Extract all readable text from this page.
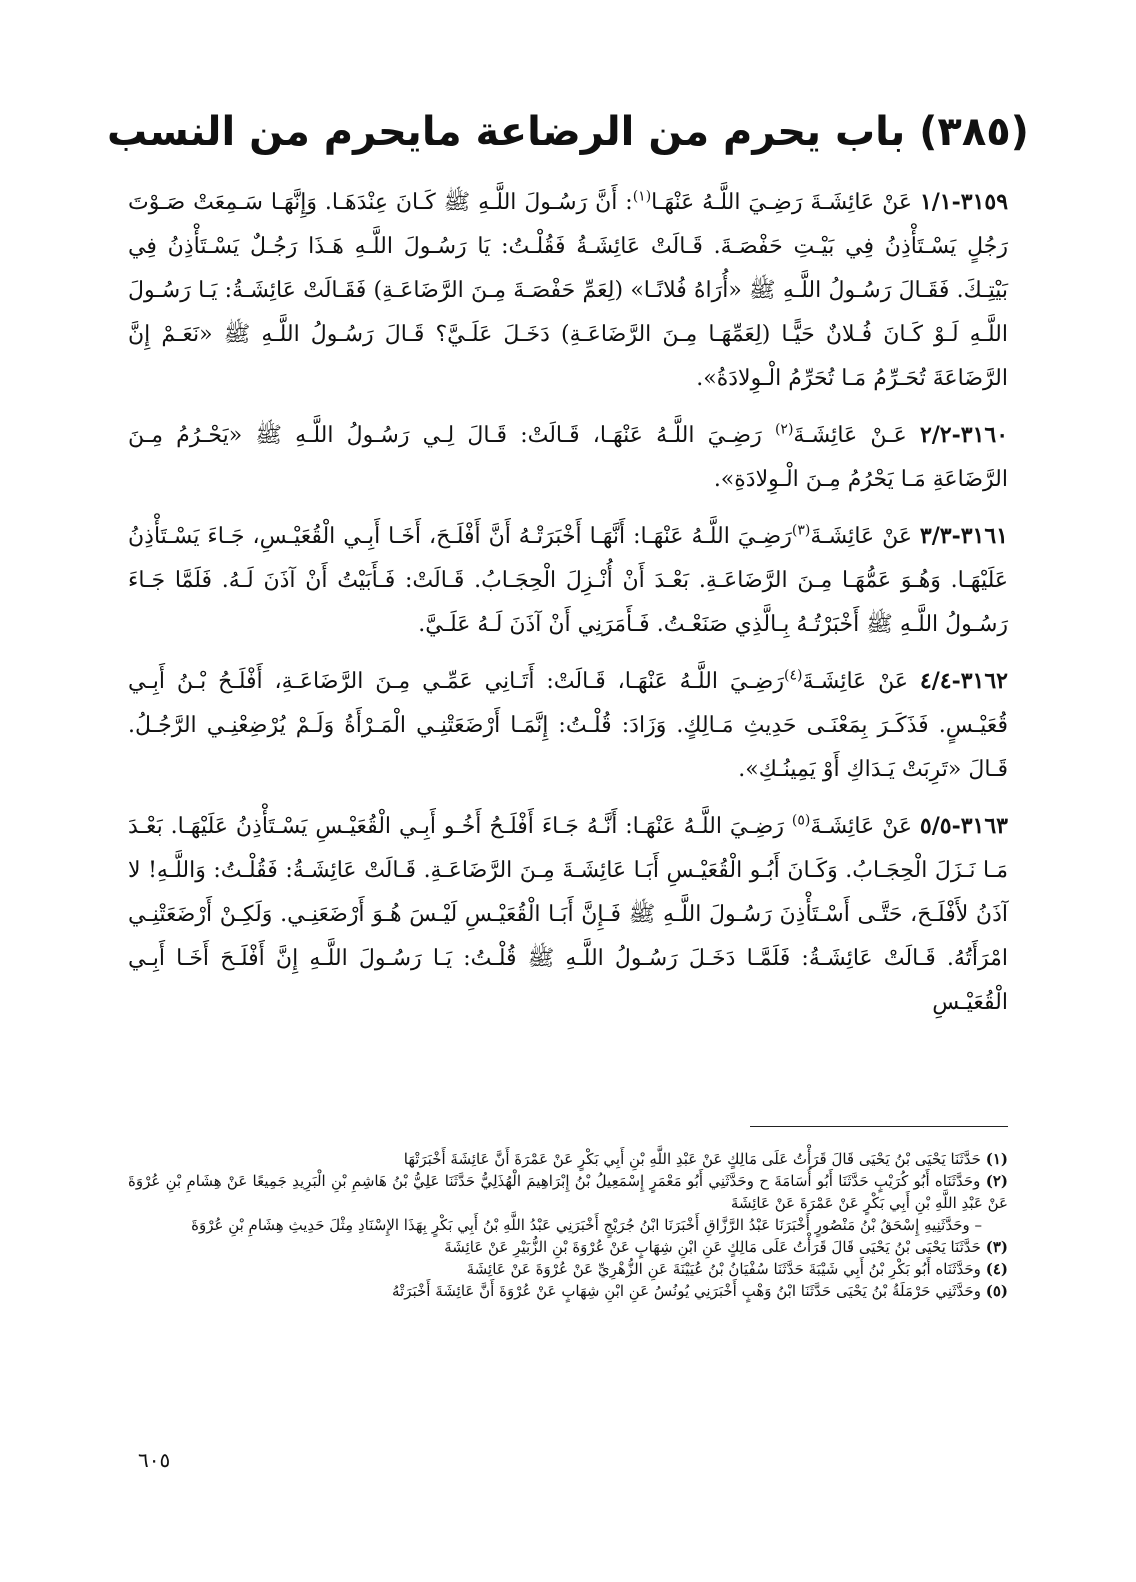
(٣٨٥) باب يحرم من الرضاعة مايحرم من النسب

٣١٥٩-١/١ عَنْ عَائِشَـةَ رَضِـيَ اللَّـهُ عَنْهَـا$^{(١)}$: أَنَّ رَسُـولَ اللَّـهِ ﷺ كَـانَ عِنْدَهَـا. وَإِنَّهَـا سَـمِعَتْ صَـوْتَ رَجُلٍ يَسْـتَأْذِنُ فِي بَيْـتِ حَفْصَـةَ. قَـالَتْ عَائِشَـةُ فَقُلْـتُ: يَا رَسُـولَ اللَّـهِ هَـذَا رَجُـلٌ يَسْـتَأْذِنُ فِي بَيْتِـكَ. فَقَـالَ رَسُـولُ اللَّـهِ ﷺ «أُرَاهُ فُلانًـا» (لِعَمِّ حَفْصَـةَ مِـنَ الرَّضَاعَـةِ) فَقَـالَتْ عَائِشَـةُ: يَـا رَسُـولَ اللَّـهِ لَـوْ كَـانَ فُـلانٌ حَيًّـا (لِعَمِّهَـا مِـنَ الرَّضَاعَـةِ) دَخَـلَ عَلَـيَّ؟ قَـالَ رَسُـولُ اللَّـهِ ﷺ «نَعَـمْ إِنَّ الرَّضَاعَةَ تُحَـرِّمُ مَـا تُحَرِّمُ الْـوِلادَةُ».

٣١٦٠-٢/٢ عَـنْ عَائِشَـةَ$^{(٢)}$ رَضِـيَ اللَّـهُ عَنْهَـا، قَـالَتْ: قَـالَ لِـي رَسُـولُ اللَّـهِ ﷺ «يَحْـرُمُ مِـنَ الرَّضَاعَةِ مَـا يَحْرُمُ مِـنَ الْـوِلادَةِ».

٣١٦١-٣/٣ عَنْ عَائِشَـةَ$^{(٣)}$رَضِـيَ اللَّـهُ عَنْهَـا: أَنَّهَـا أَخْبَرَتْـهُ أَنَّ أَفْلَـحَ، أَخَـا أَبِـي الْقُعَيْـسِ، جَـاءَ يَسْـتَأْذِنُ عَلَيْهَـا. وَهُـوَ عَمُّهَـا مِـنَ الرَّضَاعَـةِ. بَعْـدَ أَنْ أُنْـزِلَ الْحِجَـابُ. قَـالَتْ: فَـأَبَيْتُ أَنْ آذَنَ لَـهُ. فَلَمَّا جَـاءَ رَسُـولُ اللَّـهِ ﷺ أَخْبَرْتُـهُ بِـالَّذِي صَنَعْـتُ. فَـأَمَرَنِي أَنْ آذَنَ لَـهُ عَلَـيَّ.

٣١٦٢-٤/٤ عَنْ عَائِشَـةَ$^{(٤)}$رَضِـيَ اللَّـهُ عَنْهَـا، قَـالَتْ: أَتَـانِي عَمِّـي مِـنَ الرَّضَاعَـةِ، أَفْلَـحُ بْـنُ أَبِـي قُعَيْـسٍ. فَذَكَـرَ بِمَعْنَـى حَدِيثِ مَـالِكٍ. وَزَادَ: قُلْـتُ: إِنَّمَـا أَرْضَعَتْنِـي الْمَـرْأَةُ وَلَـمْ يُرْضِعْنِـي الرَّجُـلُ. قَـالَ «تَرِبَتْ يَـدَاكِ أَوْ يَمِينُـكِ».

٣١٦٣-٥/٥ عَنْ عَائِشَـةَ$^{(٥)}$ رَضِـيَ اللَّـهُ عَنْهَـا: أَنَّـهُ جَـاءَ أَفْلَـحُ أَخُـو أَبِـي الْقُعَيْـسِ يَسْـتَأْذِنُ عَلَيْهَـا. بَعْـدَ مَـا نَـزَلَ الْحِجَـابُ. وَكَـانَ أَبُـو الْقُعَيْـسِ أَبَـا عَائِشَـةَ مِـنَ الرَّضَاعَـةِ. قَـالَتْ عَائِشَـةُ: فَقُلْـتُ: وَاللَّـهِ! لا آذَنُ لأَفْلَـحَ، حَتَّـى أَسْـتَأْذِنَ رَسُـولَ اللَّـهِ ﷺ فَـإِنَّ أَبَـا الْقُعَيْـسِ لَيْـسَ هُـوَ أَرْضَعَنِـي. وَلَكِـنْ أَرْضَعَتْنِـي امْرَأَتُهُ. قَـالَتْ عَائِشَـةُ: فَلَمَّـا دَخَـلَ رَسُـولُ اللَّـهِ ﷺ قُلْـتُ: يَـا رَسُـولَ اللَّـهِ إِنَّ أَفْلَـحَ أَخَـا أَبِـي الْقُعَيْـسِ

(١) حَدَّثَنَا يَحْيَى بْنُ يَحْيَى قَالَ قَرَأْتُ عَلَى مَالِكٍ عَنْ عَبْدِ اللَّهِ بْنِ أَبِي بَكْرٍ عَنْ عَمْرَةَ أَنَّ عَائِشَةَ أَخْبَرَتْهَا

(٢) وحَدَّثَنَاه أَبُو كُرَيْبٍ حَدَّثَنَا أَبُو أُسَامَةَ ح وحَدَّثَنِي أَبُو مَعْمَرٍ إِسْمَعِيلُ بْنُ إِبْرَاهِيمَ الْهُذَلِيُّ حَدَّثَنَا عَلِيُّ بْنُ هَاشِمِ بْنِ الْبَرِيدِ جَمِيعًا عَنْ هِشَامِ بْنِ عُرْوَةَ عَنْ عَبْدِ اللَّهِ بْنِ أَبِي بَكْرٍ عَنْ عَمْرَةَ عَنْ عَائِشَةَ

– وحَدَّثَنِيهِ إِسْحَقُ بْنُ مَنْصُورٍ أَخْبَرَنَا عَبْدُ الرَّزَّاقِ أَخْبَرَنَا ابْنُ جُرَيْجٍ أَخْبَرَنِي عَبْدُ اللَّهِ بْنُ أَبِي بَكْرٍ بِهَذَا الإِسْنَادِ مِثْلَ حَدِيثِ هِشَامِ بْنِ عُرْوَةَ

(٣) حَدَّثَنَا يَحْيَى بْنُ يَحْيَى قَالَ قَرَأْتُ عَلَى مَالِكٍ عَنِ ابْنِ شِهَابٍ عَنْ عُرْوَةَ بْنِ الزُّبَيْرِ عَنْ عَائِشَةَ

(٤) وحَدَّثَنَاه أَبُو بَكْرِ بْنُ أَبِي شَيْبَةَ حَدَّثَنَا سُفْيَانُ بْنُ عُيَيْنَةَ عَنِ الزُّهْرِيِّ عَنْ عُرْوَةَ عَنْ عَائِشَةَ

(٥) وحَدَّثَنِي حَرْمَلَةُ بْنُ يَحْيَى حَدَّثَنَا ابْنُ وَهْبٍ أَخْبَرَنِي يُونُسُ عَنِ ابْنِ شِهَابٍ عَنْ عُرْوَةَ أَنَّ عَائِشَةَ أَخْبَرَتْهُ

٦٠٥
